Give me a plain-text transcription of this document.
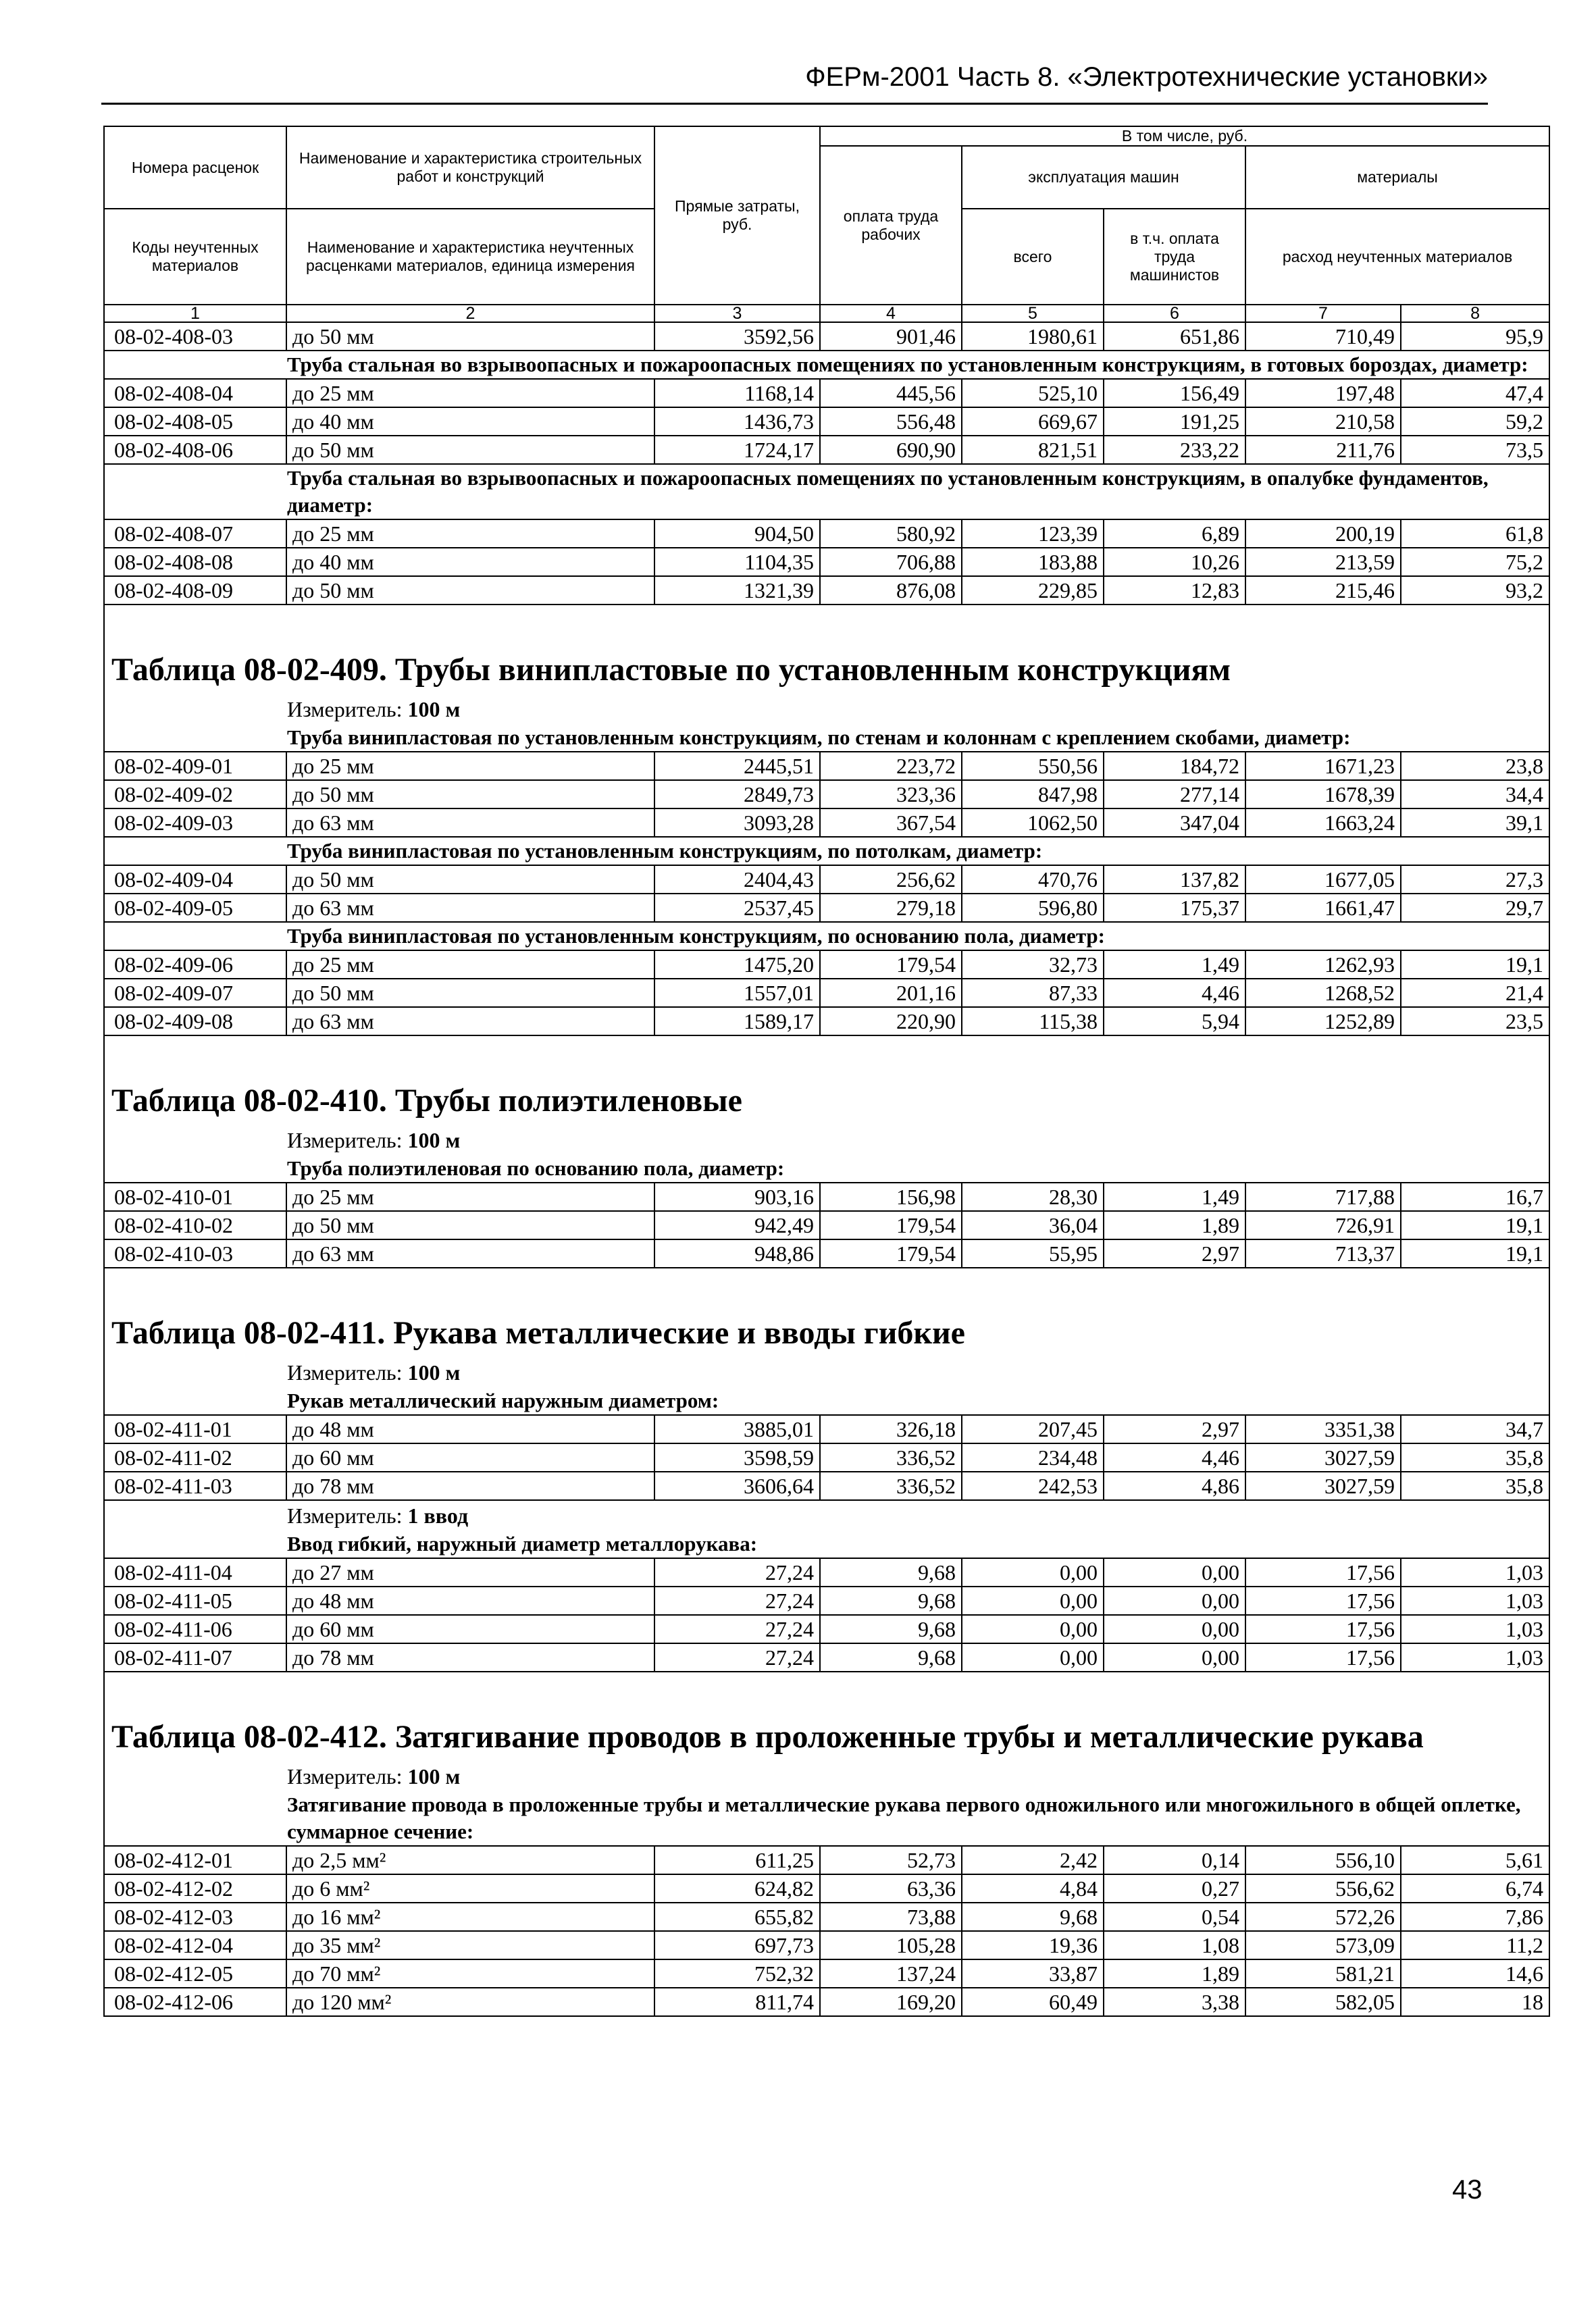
ФЕРм-2001 Часть 8. «Электротехнические установки»
Номера расценок	Наименование и характеристика строительных работ и конструкций	Прямые затраты, руб.	В том числе, руб.	
			оплата труда рабочих	эксплуатация машин		материалы		
Коды неучтенных материалов	Наименование и характеристика неучтенных расценками материалов, единица измерения			всего	в т.ч. оплата труда машинистов	расход неучтенных материалов		

1	2	3	4	5	6	7	8	
08-02-408-03	до 50 мм	3592,56	901,46	1980,61	651,86	710,49	95,9	
Труба стальная во взрывоопасных и пожароопасных помещениях по установленным конструкциям, в готовых бороздах, диаметр:								
08-02-408-04	до 25 мм	1168,14	445,56	525,10	156,49	197,48	47,4	
08-02-408-05	до 40 мм	1436,73	556,48	669,67	191,25	210,58	59,2	
08-02-408-06	до 50 мм	1724,17	690,90	821,51	233,22	211,76	73,5	
Труба стальная во взрывоопасных и пожароопасных помещениях по установленным конструкциям, в опалубке фундаментов, диаметр:								
08-02-408-07	до 25 мм	904,50	580,92	123,39	6,89	200,19	61,8	
08-02-408-08	до 40 мм	1104,35	706,88	183,88	10,26	213,59	75,2	
08-02-408-09	до 50 мм	1321,39	876,08	229,85	12,83	215,46	93,2	

Таблица 08-02-409. Трубы винипластовые по установленным конструкциям								
Измеритель: 100 м								
Труба винипластовая по установленным конструкциям, по стенам и колоннам с креплением скобами, диаметр:								
08-02-409-01	до 25 мм	2445,51	223,72	550,56	184,72	1671,23	23,8	
08-02-409-02	до 50 мм	2849,73	323,36	847,98	277,14	1678,39	34,4	
08-02-409-03	до 63 мм	3093,28	367,54	1062,50	347,04	1663,24	39,1	
Труба винипластовая по установленным конструкциям, по потолкам, диаметр:								
08-02-409-04	до 50 мм	2404,43	256,62	470,76	137,82	1677,05	27,3	
08-02-409-05	до 63 мм	2537,45	279,18	596,80	175,37	1661,47	29,7	
Труба винипластовая по установленным конструкциям, по основанию пола, диаметр:								
08-02-409-06	до 25 мм	1475,20	179,54	32,73	1,49	1262,93	19,1	
08-02-409-07	до 50 мм	1557,01	201,16	87,33	4,46	1268,52	21,4	
08-02-409-08	до 63 мм	1589,17	220,90	115,38	5,94	1252,89	23,5	

Таблица 08-02-410. Трубы полиэтиленовые								
Измеритель: 100 м								
Труба полиэтиленовая по основанию пола, диаметр:								
08-02-410-01	до 25 мм	903,16	156,98	28,30	1,49	717,88	16,7	
08-02-410-02	до 50 мм	942,49	179,54	36,04	1,89	726,91	19,1	
08-02-410-03	до 63 мм	948,86	179,54	55,95	2,97	713,37	19,1	

Таблица 08-02-411. Рукава металлические и вводы гибкие								
Измеритель: 100 м								
Рукав металлический наружным диаметром:								
08-02-411-01	до 48 мм	3885,01	326,18	207,45	2,97	3351,38	34,7	
08-02-411-02	до 60 мм	3598,59	336,52	234,48	4,46	3027,59	35,8	
08-02-411-03	до 78 мм	3606,64	336,52	242,53	4,86	3027,59	35,8	
Измеритель: 1 ввод								
Ввод гибкий, наружный диаметр металлорукава:								
08-02-411-04	до 27 мм	27,24	9,68	0,00	0,00	17,56	1,03	
08-02-411-05	до 48 мм	27,24	9,68	0,00	0,00	17,56	1,03	
08-02-411-06	до 60 мм	27,24	9,68	0,00	0,00	17,56	1,03	
08-02-411-07	до 78 мм	27,24	9,68	0,00	0,00	17,56	1,03	

Таблица 08-02-412. Затягивание проводов в проложенные трубы и металлические рукава								
Измеритель: 100 м								
Затягивание провода в проложенные трубы и металлические рукава первого одножильного или многожильного в общей оплетке, суммарное сечение:								
08-02-412-01	до 2,5 мм²	611,25	52,73	2,42	0,14	556,10	5,61	
08-02-412-02	до 6 мм²	624,82	63,36	4,84	0,27	556,62	6,74	
08-02-412-03	до 16 мм²	655,82	73,88	9,68	0,54	572,26	7,86	
08-02-412-04	до 35 мм²	697,73	105,28	19,36	1,08	573,09	11,2	
08-02-412-05	до 70 мм²	752,32	137,24	33,87	1,89	581,21	14,6	
08-02-412-06	до 120 мм²	811,74	169,20	60,49	3,38	582,05	18	
43
